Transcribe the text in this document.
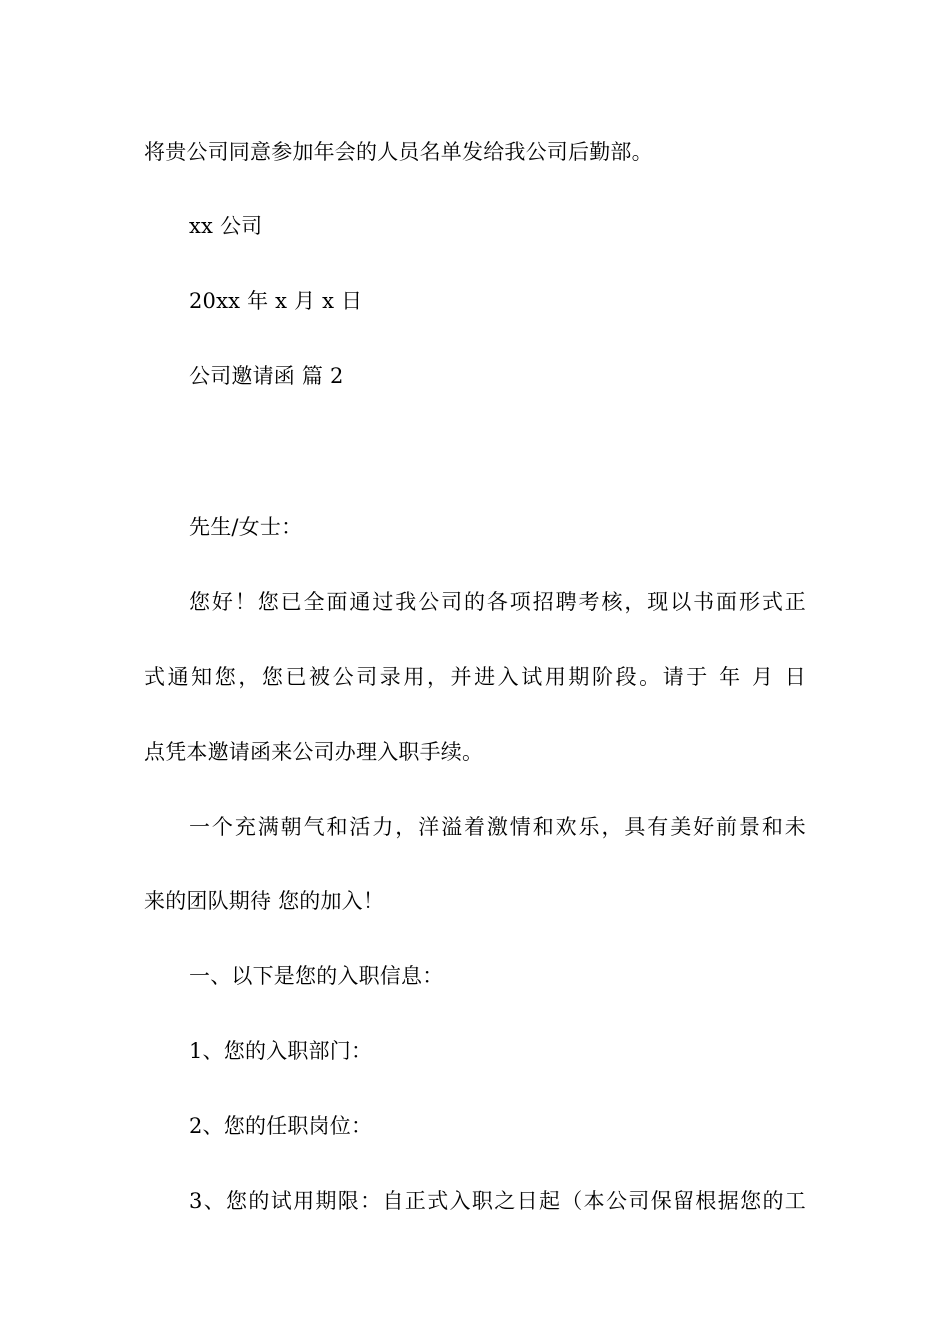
将贵公司同意参加年会的人员名单发给我公司后勤部。
xx 公司
20xx 年 x 月 x 日
公司邀请函 篇 2
先生/女士：
您好！您已全面通过我公司的各项招聘考核，现以书面形式正
式通知您，您已被公司录用，并进入试用期阶段。请于 年 月 日
点凭本邀请函来公司办理入职手续。
一个充满朝气和活力，洋溢着激情和欢乐，具有美好前景和未
来的团队期待 您的加入！
一、以下是您的入职信息：
1、您的入职部门：
2、您的任职岗位：
3、您的试用期限：自正式入职之日起（本公司保留根据您的工
